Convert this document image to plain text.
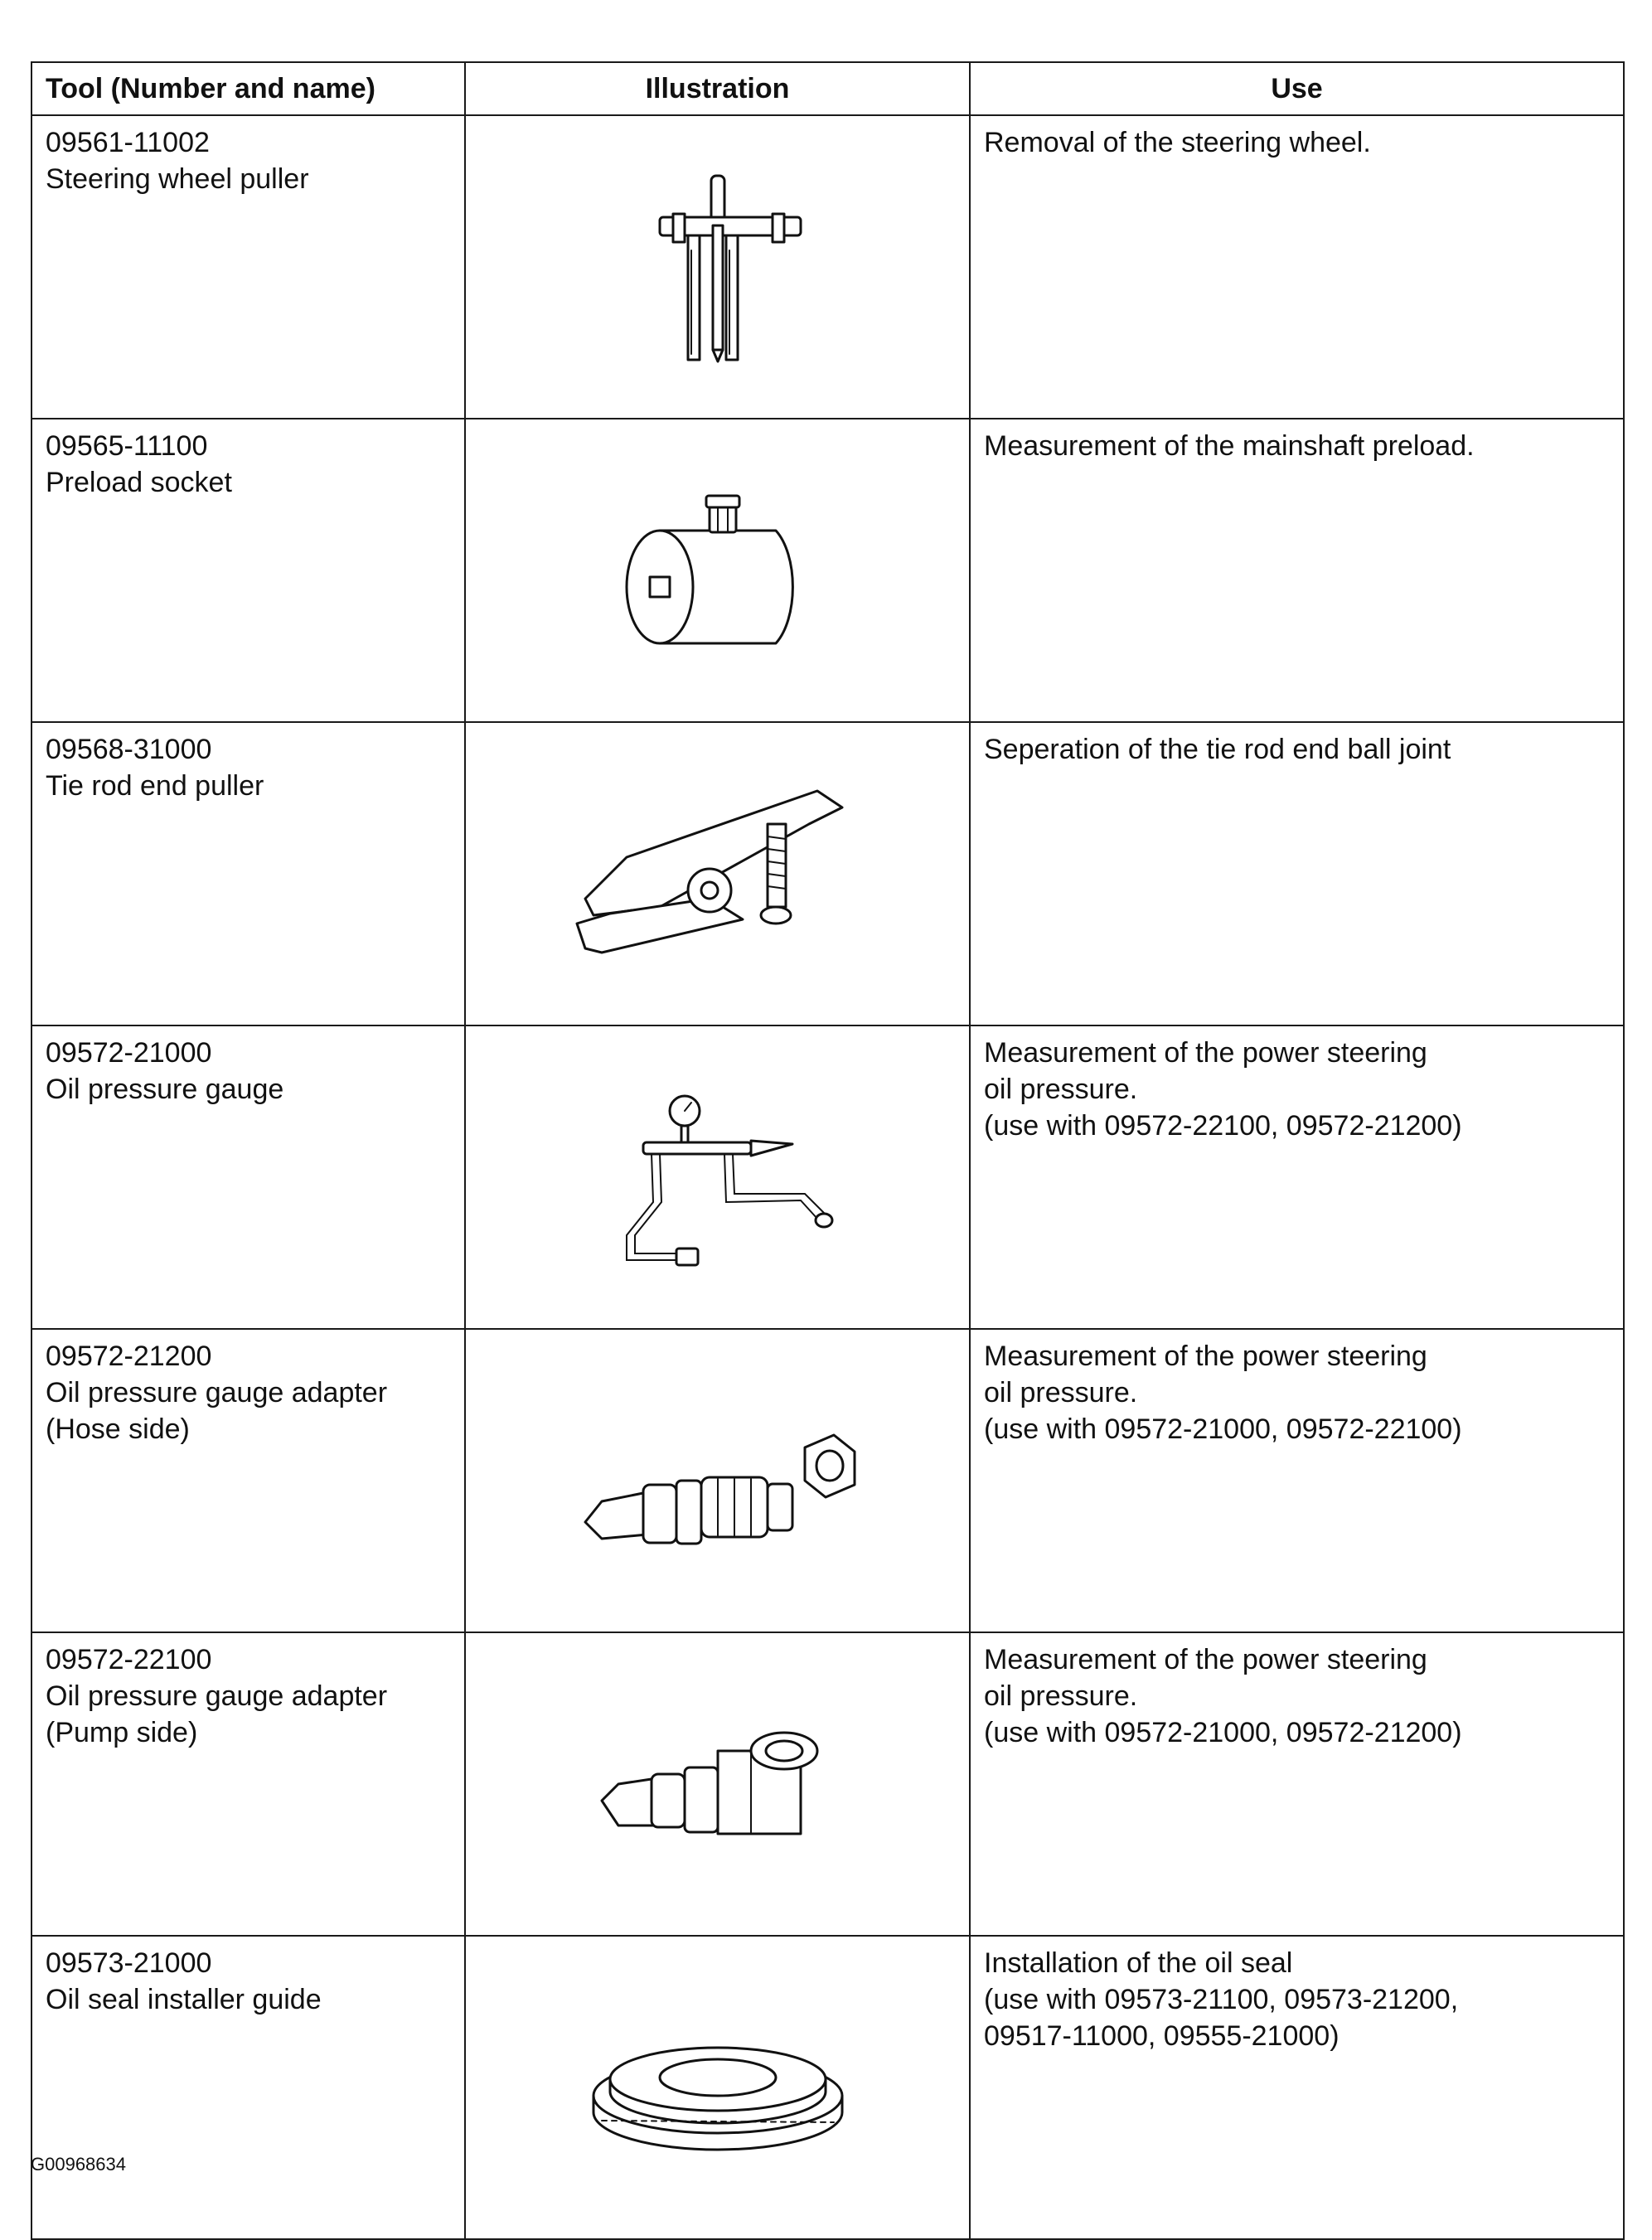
Tool (Number and name)	Illustration	Use

09561-11002
Steering wheel puller		Removal of the steering wheel.

09565-11100
Preload socket		Measurement of the mainshaft preload.

09568-31000
Tie rod end puller		Seperation of the tie rod end ball joint

09572-21000
Oil pressure gauge		Measurement of the power steering
oil pressure.
(use with 09572-22100, 09572-21200)

09572-21200
Oil pressure gauge adapter
(Hose side)		Measurement of the power steering
oil pressure.
(use with 09572-21000, 09572-22100)

09572-22100
Oil pressure gauge adapter
(Pump side)		Measurement of the power steering
oil pressure.
(use with 09572-21000, 09572-21200)

09573-21000
Oil seal installer guide		Installation of the oil seal
(use with 09573-21100, 09573-21200,
09517-11000, 09555-21000)
G00968634
